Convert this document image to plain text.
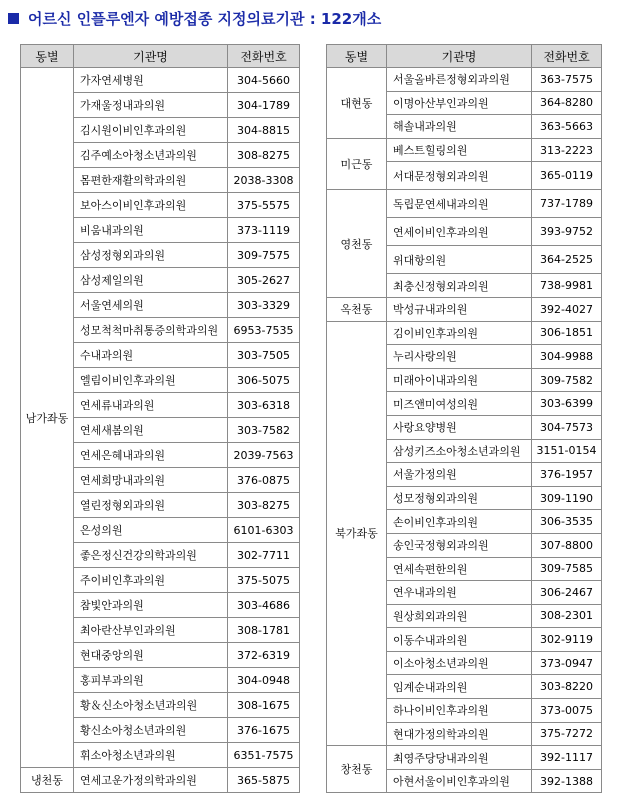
어르신 인플루엔자 예방접종 지정의료기관 : 122개소
동별	기관명	전화번호
남가좌동	가자연세병원	304-5660
	가재울정내과의원	304-1789
	김시원이비인후과의원	304-8815
	김주예소아청소년과의원	308-8275
	몸편한재활의학과의원	2038-3308
	보아스이비인후과의원	375-5575
	비움내과의원	373-1119
	삼성정형외과의원	309-7575
	삼성제일의원	305-2627
	서울연세의원	303-3329
	성모척척마취통증의학과의원	6953-7535
	수내과의원	303-7505
	엘림이비인후과의원	306-5075
	연세류내과의원	303-6318
	연세새봄의원	303-7582
	연세은혜내과의원	2039-7563
	연세희망내과의원	376-0875
	열린정형외과의원	303-8275
	은성의원	6101-6303
	좋은정신건강의학과의원	302-7711
	주이비인후과의원	375-5075
	참빛안과의원	303-4686
	최아란산부인과의원	308-1781
	현대중앙의원	372-6319
	홍피부과의원	304-0948
	황＆신소아청소년과의원	308-1675
	황신소아청소년과의원	376-1675
	휘소아청소년과의원	6351-7575
냉천동	연세고운가정의학과의원	365-5875
동별	기관명	전화번호
대현동	서울올바른정형외과의원	363-7575
	이명아산부인과의원	364-8280
	해솔내과의원	363-5663
미근동	베스트힐링의원	313-2223
	서대문정형외과의원	365-0119
영천동	독립문연세내과의원	737-1789
	연세이비인후과의원	393-9752
	위대항의원	364-2525
	최충신정형외과의원	738-9981
옥천동	박성규내과의원	392-4027
북가좌동	김이비인후과의원	306-1851
	누리사랑의원	304-9988
	미래아이내과의원	309-7582
	미즈앤미여성의원	303-6399
	사랑요양병원	304-7573
	삼성키즈소아청소년과의원	3151-0154
	서울가정의원	376-1957
	성모정형외과의원	309-1190
	손이비인후과의원	306-3535
	송인국정형외과의원	307-8800
	연세속편한의원	309-7585
	연우내과의원	306-2467
	원상희외과의원	308-2301
	이동수내과의원	302-9119
	이소아청소년과의원	373-0947
	임계순내과의원	303-8220
	하나이비인후과의원	373-0075
	현대가정의학과의원	375-7272
창천동	최영주당당내과의원	392-1117
	아현서울이비인후과의원	392-1388
